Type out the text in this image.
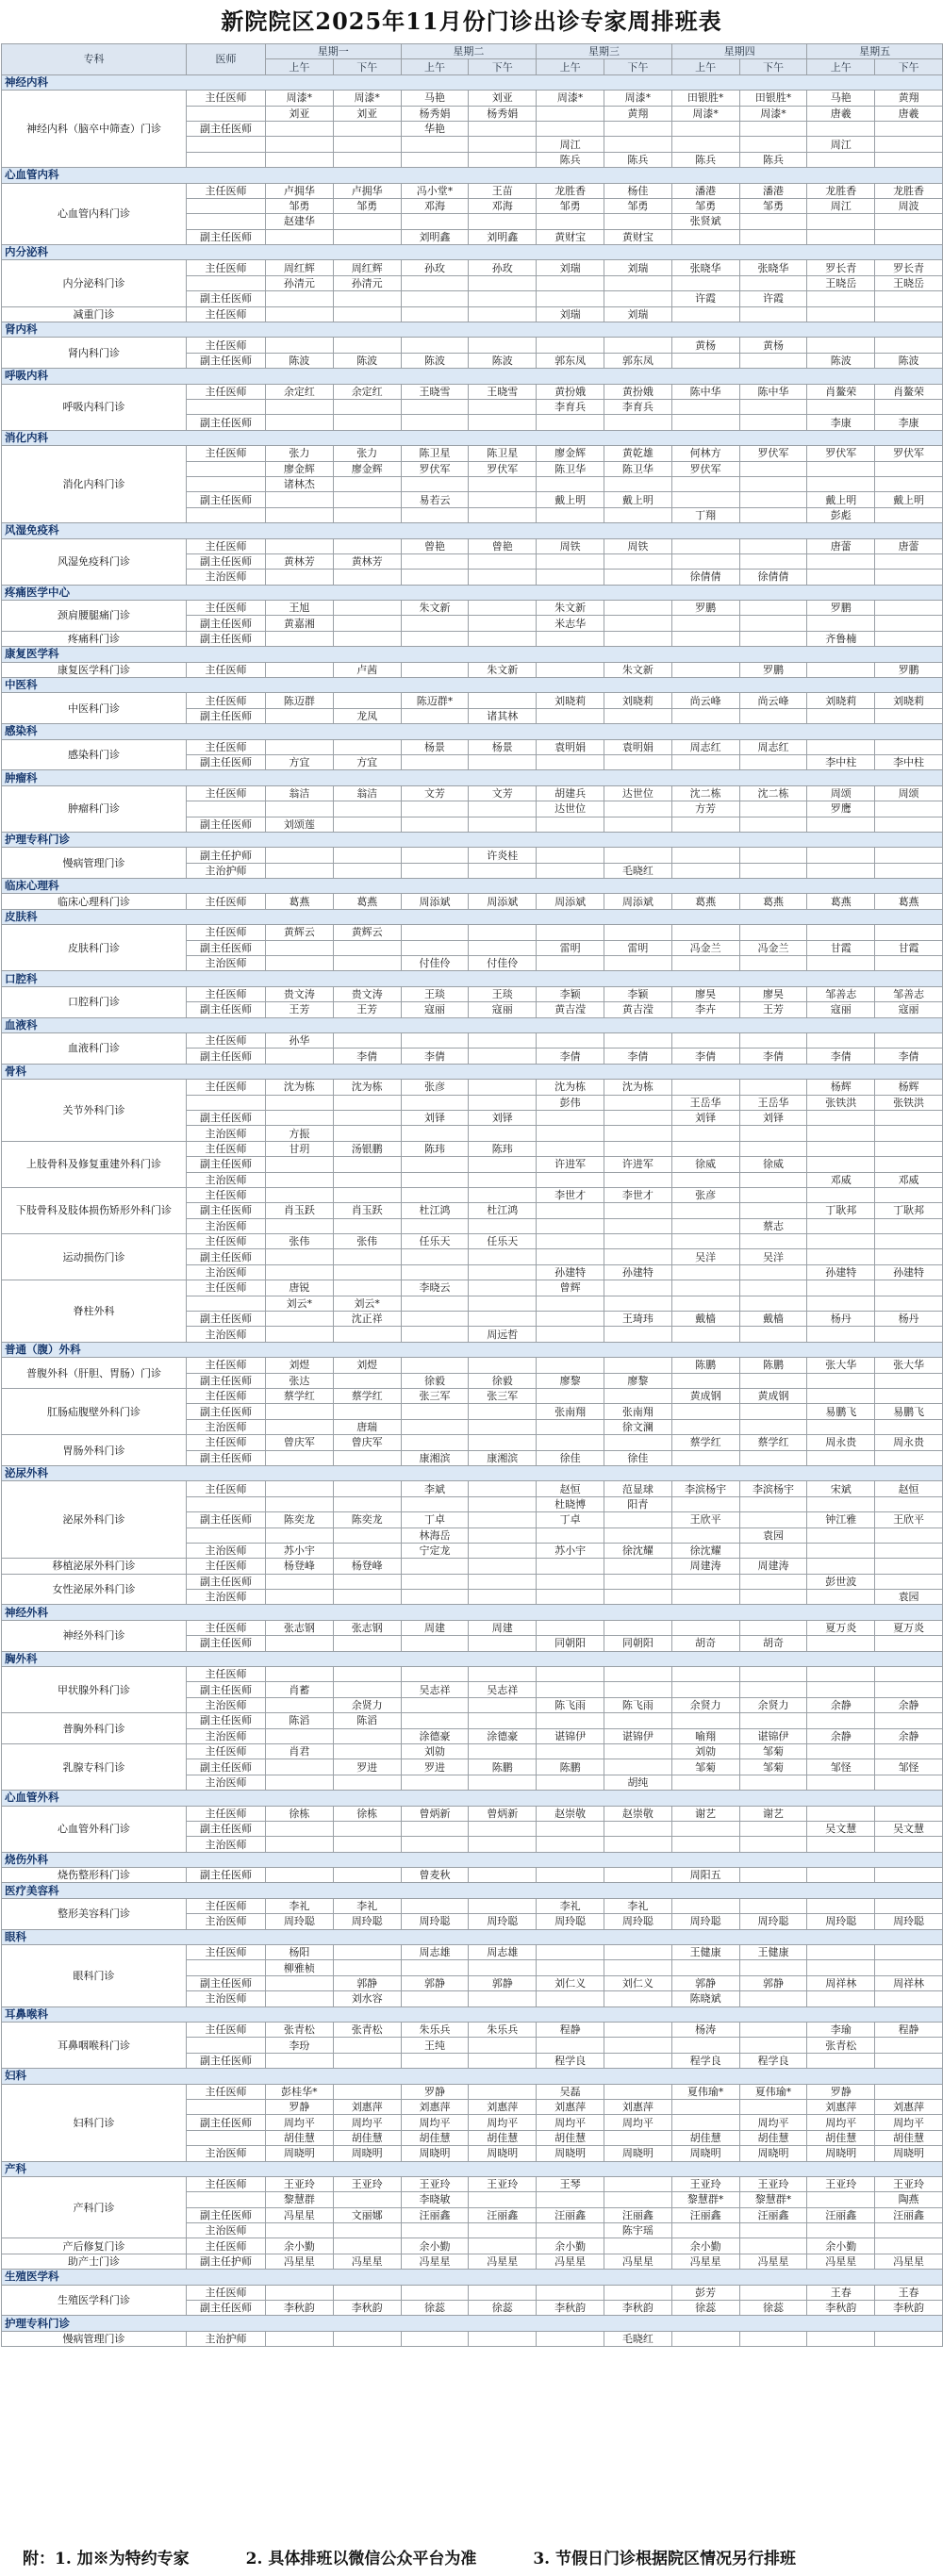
新院院区2025年11月份门诊出诊专家周排班表
专科	医师	星期一		星期二		星期三		星期四		星期五	
		上午	下午	上午	下午	上午	下午	上午	下午	上午	下午
神经内科											
神经内科（脑卒中筛查）门诊	主任医师	周漆*	周漆*	马艳	刘亚	周漆*	周漆*	田银胜*	田银胜*	马艳	黄翔
		刘亚	刘亚	杨秀娟	杨秀娟		黄翔	周漆*	周漆*	唐羲	唐羲
	副主任医师			华艳							
						周江				周江	
						陈兵	陈兵	陈兵	陈兵		
心血管内科											
心血管内科门诊	主任医师	卢拥华	卢拥华	冯小堂*	王苗	龙胜香	杨佳	潘港	潘港	龙胜香	龙胜香
		邹勇	邹勇	邓海	邓海	邹勇	邹勇	邹勇	邹勇	周江	周波
		赵建华						张贤斌			
	副主任医师			刘明鑫	刘明鑫	黄财宝	黄财宝				
内分泌科											
内分泌科门诊	主任医师	周红辉	周红辉	孙玫	孙玫	刘瑞	刘瑞	张晓华	张晓华	罗长青	罗长青
		孙清元	孙清元							王晓岳	王晓岳
	副主任医师							许霞	许霞		
减重门诊	主任医师					刘瑞	刘瑞				
肾内科											
肾内科门诊	主任医师							黄杨	黄杨		
	副主任医师	陈波	陈波	陈波	陈波	郭东凤	郭东凤			陈波	陈波
呼吸内科											
呼吸内科门诊	主任医师	余定红	余定红	王晓雪	王晓雪	黄扮娥	黄扮娥	陈中华	陈中华	肖鳌荣	肖鳌荣
						李育兵	李育兵				
	副主任医师									李康	李康
消化内科											
消化内科门诊	主任医师	张力	张力	陈卫星	陈卫星	廖金辉	黄乾雄	何林方	罗伏军	罗伏军	罗伏军
		廖金辉	廖金辉	罗伏军	罗伏军	陈卫华	陈卫华	罗伏军			
		诸林杰									
	副主任医师			易若云		戴上明	戴上明			戴上明	戴上明
								丁翔		彭彪	
风湿免疫科											
风湿免疫科门诊	主任医师			曾艳	曾艳	周铁	周铁			唐蕾	唐蕾
	副主任医师	黄林芳	黄林芳								
	主治医师							徐倩倩	徐倩倩		
疼痛医学中心											
颈肩腰腿痛门诊	主任医师	王旭		朱文新		朱文新		罗鹏		罗鹏	
	副主任医师	黄嘉湘				米志华					
疼痛科门诊	副主任医师									齐鲁楠	
康复医学科											
康复医学科门诊	主任医师		卢茜		朱文新		朱文新		罗鹏		罗鹏
中医科											
中医科门诊	主任医师	陈迈群		陈迈群*		刘晓莉	刘晓莉	尚云峰	尚云峰	刘晓莉	刘晓莉
	副主任医师		龙凤		诸其林						
感染科											
感染科门诊	主任医师			杨景	杨景	袁明娟	袁明娟	周志红	周志红		
	副主任医师	方宜	方宜							李中柱	李中柱
肿瘤科											
肿瘤科门诊	主任医师	翁洁	翁洁	文芳	文芳	胡建兵	达世位	沈二栋	沈二栋	周颂	周颂
						达世位		方芳		罗鹰	
	副主任医师	刘颂莲									
护理专科门诊											
慢病管理门诊	副主任护师				许炎桂						
	主治护师						毛晓红				
临床心理科											
临床心理科门诊	主任医师	葛燕	葛燕	周添斌	周添斌	周添斌	周添斌	葛燕	葛燕	葛燕	葛燕
皮肤科											
皮肤科门诊	主任医师	黄辉云	黄辉云								
	副主任医师					雷明	雷明	冯金兰	冯金兰	甘霞	甘霞
	主治医师			付佳伶	付佳伶						
口腔科											
口腔科门诊	主任医师	贵文涛	贵文涛	王琰	王琰	李颖	李颖	廖昊	廖昊	邹善志	邹善志
	副主任医师	王芳	王芳	寇丽	寇丽	黄吉滢	黄吉滢	李卉	王芳	寇丽	寇丽
血液科											
血液科门诊	主任医师	孙华									
	副主任医师		李倩	李倩		李倩	李倩	李倩	李倩	李倩	李倩
骨科											
关节外科门诊	主任医师	沈为栋	沈为栋	张彦		沈为栋	沈为栋			杨辉	杨辉
						彭伟		王岳华	王岳华	张铁洪	张铁洪
	副主任医师			刘铎	刘铎			刘铎	刘铎		
	主治医师	方振									
上肢骨科及修复重建外科门诊	主任医师	甘玥	汤银鹏	陈玮	陈玮						
	副主任医师					许进军	许进军	徐威	徐威		
	主治医师									邓威	邓威
下肢骨科及肢体损伤矫形外科门诊	主任医师					李世才	李世才	张彦			
	副主任医师	肖玉跃	肖玉跃	杜江鸿	杜江鸿					丁耿邦	丁耿邦
	主治医师								蔡志		
运动损伤门诊	主任医师	张伟	张伟	任乐天	任乐天						
	副主任医师							吴洋	吴洋		
	主治医师					孙建特	孙建特			孙建特	孙建特
脊柱外科	主任医师	唐锐		李晓云		曾辉					
		刘云*	刘云*								
	副主任医师		沈正祥				王琦玮	戴樯	戴樯	杨丹	杨丹
	主治医师				周远哲						
普通（腹）外科											
普腹外科（肝胆、胃肠）门诊	主任医师	刘煜	刘煜					陈鹏	陈鹏	张大华	张大华
	副主任医师	张达		徐毅	徐毅	廖黎	廖黎				
肛肠疝腹壁外科门诊	主任医师	蔡学红	蔡学红	张三军	张三军			黄成钢	黄成钢		
	副主任医师					张南翔	张南翔			易鹏飞	易鹏飞
	主治医师		唐瑞				徐文澜				
胃肠外科门诊	主任医师	曾庆军	曾庆军					蔡学红	蔡学红	周永贵	周永贵
	副主任医师			康湘滨	康湘滨	徐佳	徐佳				
泌尿外科											
泌尿外科门诊	主任医师			李斌		赵恒	范显球	李滨杨宇	李滨杨宇	宋斌	赵恒
						杜晓博	阳青				
	副主任医师	陈奕龙	陈奕龙	丁卓		丁卓		王欣平		钟江雅	王欣平
				林海岳					袁园		
	主治医师	苏小宇		宁定龙		苏小宇	徐沈耀	徐沈耀			
移植泌尿外科门诊	主任医师	杨登峰	杨登峰					周建涛	周建涛		
女性泌尿外科门诊	副主任医师									彭世波	
	主治医师										袁园
神经外科											
神经外科门诊	主任医师	张志钢	张志钢	周建	周建					夏万炎	夏万炎
	副主任医师					同朝阳	同朝阳	胡奇	胡奇		
胸外科											
甲状腺外科门诊	主任医师										
	副主任医师	肖蓄		吴志祥	吴志祥						
	主治医师		余贤力			陈飞雨	陈飞雨	余贤力	余贤力	余静	余静
普胸外科门诊	副主任医师	陈滔	陈滔								
	主治医师			涂德豪	涂德豪	谌锦伊	谌锦伊	喻翔	谌锦伊	余静	余静
乳腺专科门诊	主任医师	肖君		刘勍				刘勍	邹菊		
	副主任医师		罗进	罗进	陈鹏	陈鹏		邹菊	邹菊	邹怪	邹怪
	主治医师						胡纯				
心血管外科											
心血管外科门诊	主任医师	徐栋	徐栋	曾炳新	曾炳新	赵崇敬	赵崇敬	谢艺	谢艺		
	副主任医师									吴文慧	吴文慧
	主治医师										
烧伤外科											
烧伤整形科门诊	副主任医师			曾麦秋				周阳五			
医疗美容科											
整形美容科门诊	主任医师	李礼	李礼			李礼	李礼				
	主治医师	周玲聪	周玲聪	周玲聪	周玲聪	周玲聪	周玲聪	周玲聪	周玲聪	周玲聪	周玲聪
眼科											
眼科门诊	主任医师	杨阳		周志雄	周志雄			王健康	王健康		
		柳雅桢									
	副主任医师		郭静	郭静	郭静	刘仁义	刘仁义	郭静	郭静	周祥林	周祥林
	主治医师		刘水容					陈晓斌			
耳鼻喉科											
耳鼻咽喉科门诊	主任医师	张青松	张青松	朱乐兵	朱乐兵	程静		杨涛		李瑜	程静
		李玢		王纯						张青松	
	副主任医师					程学良		程学良	程学良		
妇科											
妇科门诊	主任医师	彭桂华*		罗静		吴磊		夏伟瑜*	夏伟瑜*	罗静	
		罗静	刘惠萍	刘惠萍	刘惠萍	刘惠萍	刘惠萍			刘惠萍	刘惠萍
	副主任医师	周均平	周均平	周均平	周均平	周均平	周均平		周均平	周均平	周均平
		胡佳慧	胡佳慧	胡佳慧	胡佳慧	胡佳慧		胡佳慧	胡佳慧	胡佳慧	胡佳慧
	主治医师	周晓明	周晓明	周晓明	周晓明	周晓明	周晓明	周晓明	周晓明	周晓明	周晓明
产科											
产科门诊	主任医师	王亚玲	王亚玲	王亚玲	王亚玲	王琴		王亚玲	王亚玲	王亚玲	王亚玲
		黎慧群		李晓敏				黎慧群*	黎慧群*		陶燕
	副主任医师	冯星星	文丽娜	汪丽鑫	汪丽鑫	汪丽鑫	汪丽鑫	汪丽鑫	汪丽鑫	汪丽鑫	汪丽鑫
	主治医师						陈宇瑶				
产后修复门诊	主任医师	余小勤		余小勤		余小勤		余小勤		余小勤	
助产士门诊	副主任护师	冯星星	冯星星	冯星星	冯星星	冯星星	冯星星	冯星星	冯星星	冯星星	冯星星
生殖医学科											
生殖医学科门诊	主任医师							彭芳		王春	王春
	副主任医师	李秋韵	李秋韵	徐蕊	徐蕊	李秋韵	李秋韵	徐蕊	徐蕊	李秋韵	李秋韵
护理专科门诊											
慢病管理门诊	主治护师						毛晓红				
附：1. 加※为特约专家	2. 具体排班以微信公众平台为准	3. 节假日门诊根据院区情况另行排班
